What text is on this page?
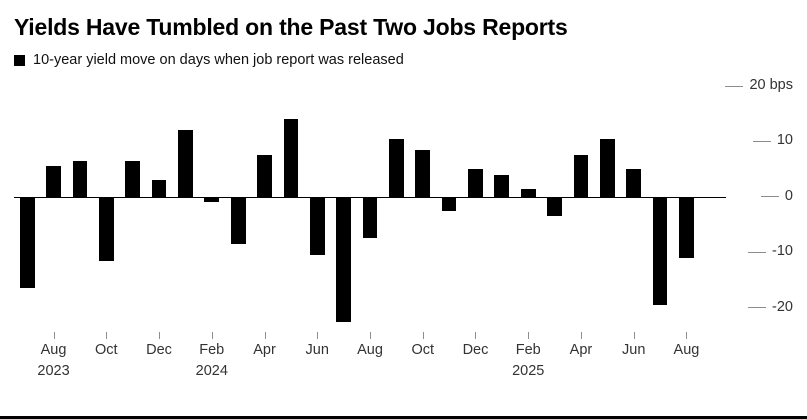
Yields Have Tumbled on the Past Two Jobs Reports
10-year yield move on days when job report was released
20 bps
10
0
-10
-20
Aug
2023
Oct Dec Feb
2024
Apr Jun Aug Oct Dec Feb
2025
Apr Jun Aug
